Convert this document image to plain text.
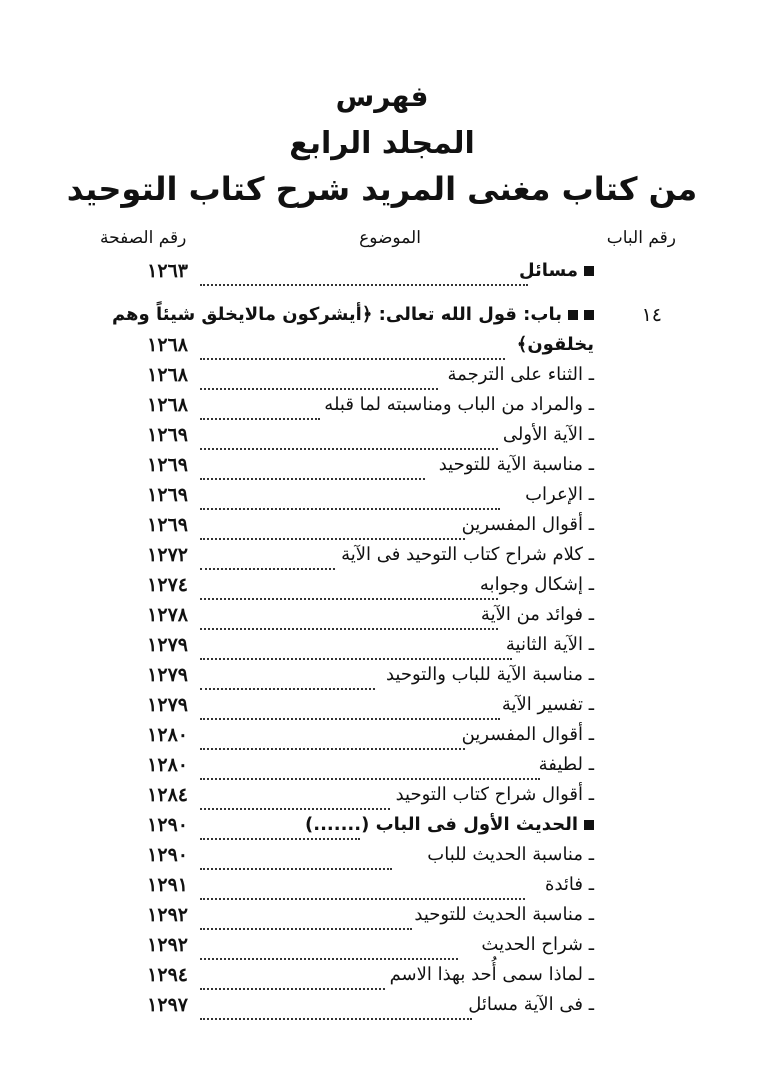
فهرس
المجلد الرابع
من كتاب مغنى المريد شرح كتاب التوحيد
رقم الباب
الموضوع
رقم الصفحة
مسائل
١٢٦٣
١٤
باب: قول الله تعالى: ﴿أيشركون مالايخلق شيئاً وهم
يخلقون﴾
١٢٦٨
ـ الثناء على الترجمة
١٢٦٨
ـ والمراد من الباب ومناسبته لما قبله
١٢٦٨
ـ الآية الأولى
١٢٦٩
ـ مناسبة الآية للتوحيد
١٢٦٩
ـ الإعراب
١٢٦٩
ـ أقوال المفسرين
١٢٦٩
ـ كلام شراح كتاب التوحيد فى الآية
١٢٧٢
ـ إشكال وجوابه
١٢٧٤
ـ فوائد من الآية
١٢٧٨
ـ الآية الثانية
١٢٧٩
ـ مناسبة الآية للباب والتوحيد
١٢٧٩
ـ تفسير الآية
١٢٧٩
ـ أقوال المفسرين
١٢٨٠
ـ لطيفة
١٢٨٠
ـ أقوال شراح كتاب التوحيد
١٢٨٤
الحديث الأول فى الباب (.......)
١٢٩٠
ـ مناسبة الحديث للباب
١٢٩٠
ـ فائدة
١٢٩١
ـ مناسبة الحديث للتوحيد
١٢٩٢
ـ شراح الحديث
١٢٩٢
ـ لماذا سمى أُحد بهذا الاسم
١٢٩٤
ـ فى الآية مسائل
١٢٩٧
